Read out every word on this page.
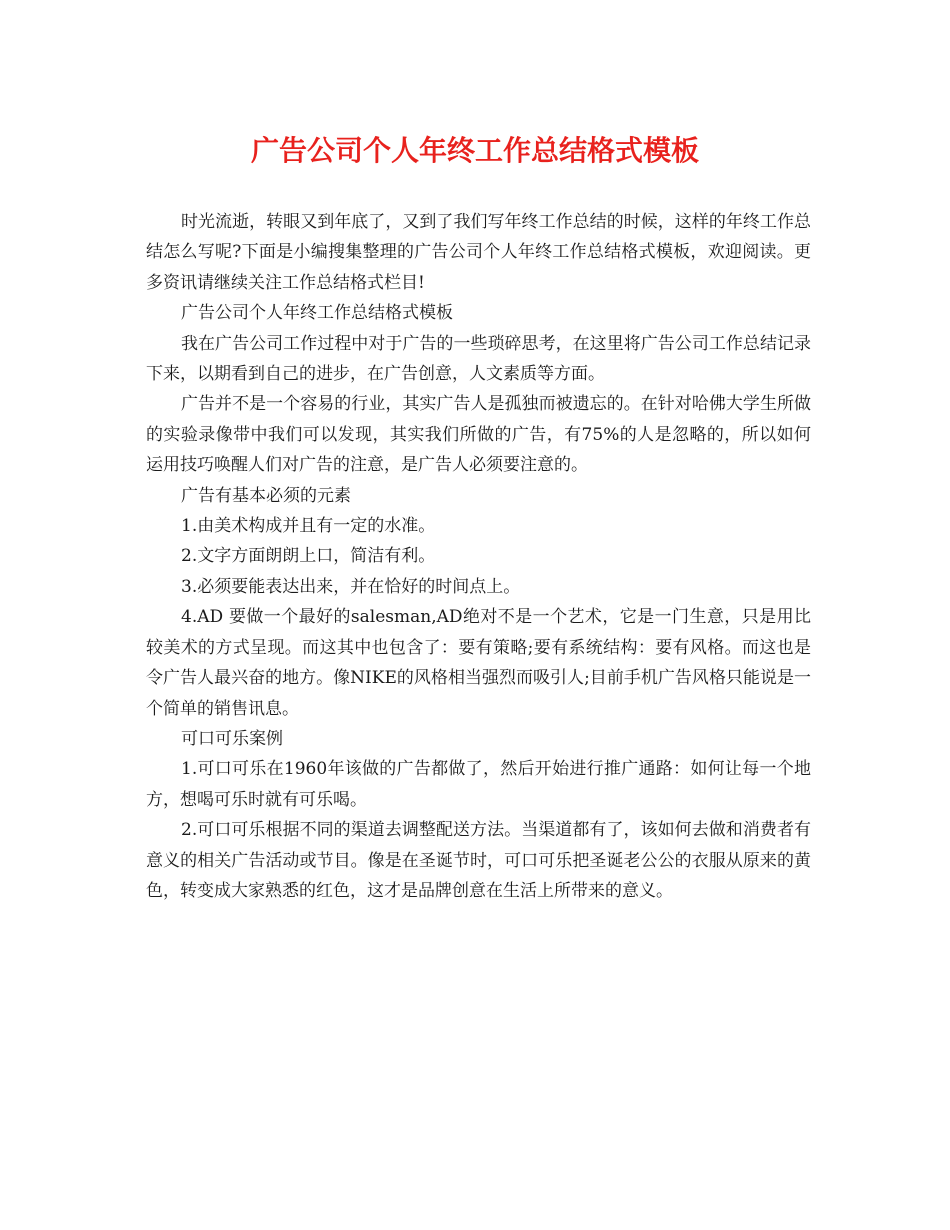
广告公司个人年终工作总结格式模板

时光流逝，转眼又到年底了，又到了我们写年终工作总结的时候，这样的年终工作总结怎么写呢?下面是小编搜集整理的广告公司个人年终工作总结格式模板，欢迎阅读。更多资讯请继续关注工作总结格式栏目!

广告公司个人年终工作总结格式模板

我在广告公司工作过程中对于广告的一些琐碎思考，在这里将广告公司工作总结记录下来，以期看到自己的进步，在广告创意，人文素质等方面。

广告并不是一个容易的行业，其实广告人是孤独而被遗忘的。在针对哈佛大学生所做的实验录像带中我们可以发现，其实我们所做的广告，有75%的人是忽略的，所以如何运用技巧唤醒人们对广告的注意，是广告人必须要注意的。

广告有基本必须的元素

1.由美术构成并且有一定的水准。

2.文字方面朗朗上口，简洁有利。

3.必须要能表达出来，并在恰好的时间点上。

4.AD 要做一个最好的salesman,AD绝对不是一个艺术，它是一门生意，只是用比较美术的方式呈现。而这其中也包含了：要有策略;要有系统结构：要有风格。而这也是令广告人最兴奋的地方。像NIKE的风格相当强烈而吸引人;目前手机广告风格只能说是一个简单的销售讯息。

可口可乐案例

1.可口可乐在1960年该做的广告都做了，然后开始进行推广通路：如何让每一个地方，想喝可乐时就有可乐喝。

2.可口可乐根据不同的渠道去调整配送方法。当渠道都有了，该如何去做和消费者有意义的相关广告活动或节目。像是在圣诞节时，可口可乐把圣诞老公公的衣服从原来的黄色，转变成大家熟悉的红色，这才是品牌创意在生活上所带来的意义。
